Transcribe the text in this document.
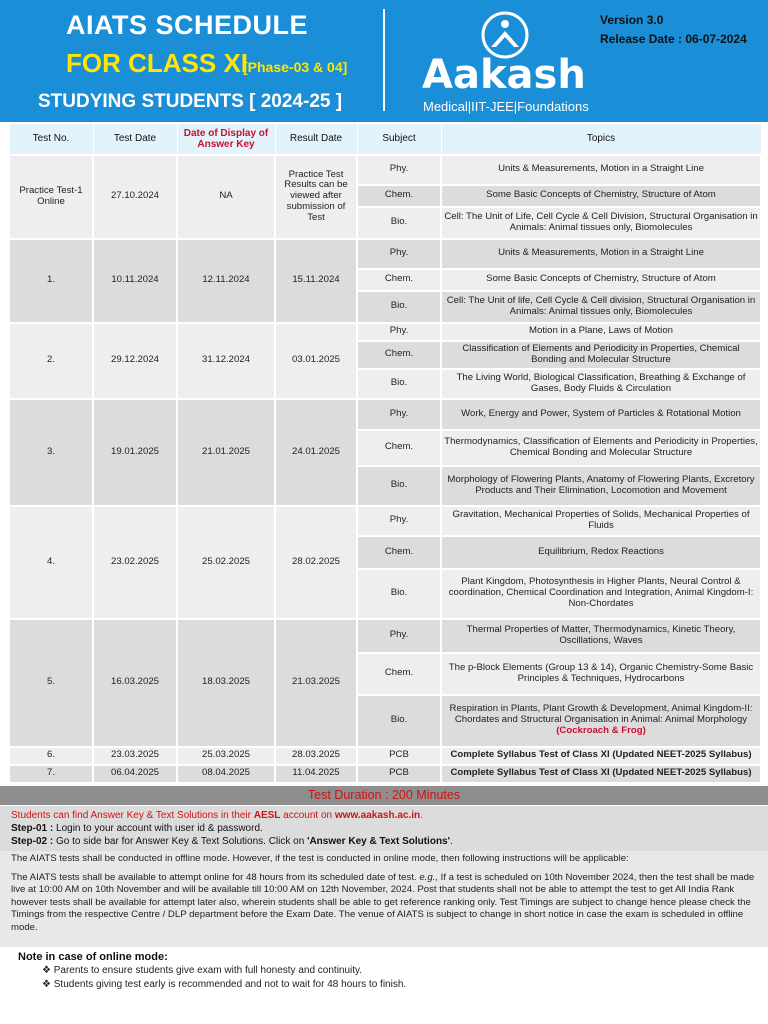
AIATS SCHEDULE
FOR CLASS XI
[Phase-03 & 04]
STUDYING STUDENTS [ 2024-25 ]
Aakash
Medical|IIT-JEE|Foundations
Version 3.0
Release Date : 06-07-2024
Test No.	Test Date	Date of Display of Answer Key	Result Date	Subject	Topics
Practice Test-1 Online	27.10.2024	NA	Practice Test Results can be viewed after submission of Test	Phy.	Units & Measurements, Motion in a Straight Line
				Chem.	Some Basic Concepts of Chemistry, Structure of Atom
				Bio.	Cell: The Unit of Life, Cell Cycle & Cell Division, Structural Organisation in Animals: Animal tissues only, Biomolecules
1.	10.11.2024	12.11.2024	15.11.2024	Phy.	Units & Measurements, Motion in a Straight Line
				Chem.	Some Basic Concepts of Chemistry, Structure of Atom
				Bio.	Cell: The Unit of life, Cell Cycle & Cell division, Structural Organisation in Animals: Animal tissues only, Biomolecules
2.	29.12.2024	31.12.2024	03.01.2025	Phy.	Motion in a Plane, Laws of Motion
				Chem.	Classification of Elements and Periodicity in Properties, Chemical Bonding and Molecular Structure
				Bio.	The Living World, Biological Classification, Breathing & Exchange of Gases, Body Fluids & Circulation
3.	19.01.2025	21.01.2025	24.01.2025	Phy.	Work, Energy and Power, System of Particles & Rotational Motion
				Chem.	Thermodynamics, Classification of Elements and Periodicity in Properties, Chemical Bonding and Molecular Structure
				Bio.	Morphology of Flowering Plants, Anatomy of Flowering Plants, Excretory Products and Their Elimination, Locomotion and Movement
4.	23.02.2025	25.02.2025	28.02.2025	Phy.	Gravitation, Mechanical Properties of Solids, Mechanical Properties of Fluids
				Chem.	Equilibrium, Redox Reactions
				Bio.	Plant Kingdom, Photosynthesis in Higher Plants, Neural Control & coordination, Chemical Coordination and Integration, Animal Kingdom-I: Non-Chordates
5.	16.03.2025	18.03.2025	21.03.2025	Phy.	Thermal Properties of Matter, Thermodynamics, Kinetic Theory, Oscillations, Waves
				Chem.	The p-Block Elements (Group 13 & 14), Organic Chemistry-Some Basic Principles & Techniques, Hydrocarbons
				Bio.	Respiration in Plants, Plant Growth & Development, Animal Kingdom-II: Chordates and Structural Organisation in Animal: Animal Morphology (Cockroach & Frog)
6.	23.03.2025	25.03.2025	28.03.2025	PCB	Complete Syllabus Test of Class XI (Updated NEET-2025 Syllabus)
7.	06.04.2025	08.04.2025	11.04.2025	PCB	Complete Syllabus Test of Class XI (Updated NEET-2025 Syllabus)
Test Duration : 200 Minutes
Students can find Answer Key & Text Solutions in their AESL account on www.aakash.ac.in.
Step-01 : Login to your account with user id & password.
Step-02 : Go to side bar for Answer Key & Text Solutions. Click on 'Answer Key & Text Solutions'.

The AIATS tests shall be conducted in offline mode. However, if the test is conducted in online mode, then following instructions will be applicable:

The AIATS tests shall be available to attempt online for 48 hours from its scheduled date of test. e.g., If a test is scheduled on 10th November 2024, then the test shall be made live at 10:00 AM on 10th November and will be available till 10:00 AM on 12th November, 2024. Post that students shall not be able to attempt the test to get All India Rank however tests shall be available for attempt later also, wherein students shall be able to get reference ranking only. Test Timings are subject to change hence please check the Timings from the respective Centre / DLP department before the Exam Date. The venue of AIATS is subject to change in short notice in case the exam is scheduled in offline mode.

Note in case of online mode:
❖ Parents to ensure students give exam with full honesty and continuity.
❖ Students giving test early is recommended and not to wait for 48 hours to finish.
